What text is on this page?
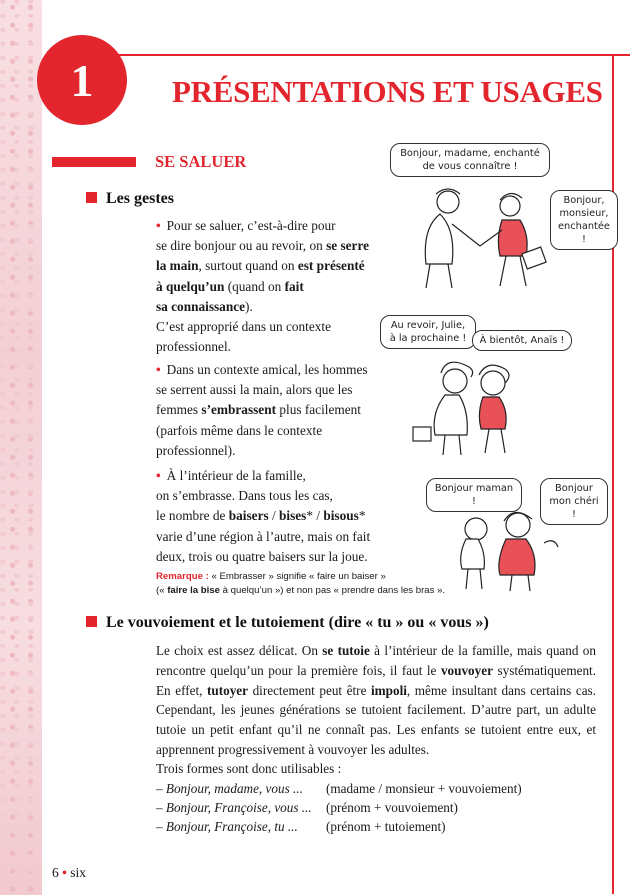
1	PRÉSENTATIONS ET USAGES
SE SALUER
Les gestes
• Pour se saluer, c’est-à-dire pour
se dire bonjour ou au revoir, on se serre
la main, surtout quand on est présenté
à quelqu’un (quand on fait
sa connaissance).
C’est approprié dans un contexte
professionnel.
• Dans un contexte amical, les hommes
se serrent aussi la main, alors que les
femmes s’embrassent plus facilement
(parfois même dans le contexte
professionnel).
• À l’intérieur de la famille,
on s’embrasse. Dans tous les cas,
le nombre de baisers / bises* / bisous*
varie d’une région à l’autre, mais on fait
deux, trois ou quatre baisers sur la joue.
Remarque : « Embrasser » signifie « faire un baiser »
(« faire la bise à quelqu’un ») et non pas « prendre dans les bras ».
Bonjour, madame, enchanté de vous connaître !
Bonjour, monsieur, enchantée !
Au revoir, Julie, à la prochaine !	À bientôt, Anaïs !
Bonjour maman !
Bonjour mon chéri !
Le vouvoiement et le tutoiement (dire « tu » ou « vous »)
Le choix est assez délicat. On se tutoie à l’intérieur de la famille, mais quand on rencontre quelqu’un pour la première fois, il faut le vouvoyer systématiquement. En effet, tutoyer directement peut être impoli, même insultant dans certains cas. Cependant, les jeunes générations se tutoient facilement. D’autre part, un adulte tutoie un petit enfant qu’il ne connaît pas. Les enfants se tutoient entre eux, et apprennent progressivement à vouvoyer les adultes.
Trois formes sont donc utilisables :
– Bonjour, madame, vous ...	(madame / monsieur + vouvoiement)
– Bonjour, Françoise, vous ...	(prénom + vouvoiement)
– Bonjour, Françoise, tu ...	(prénom + tutoiement)
6 • six
